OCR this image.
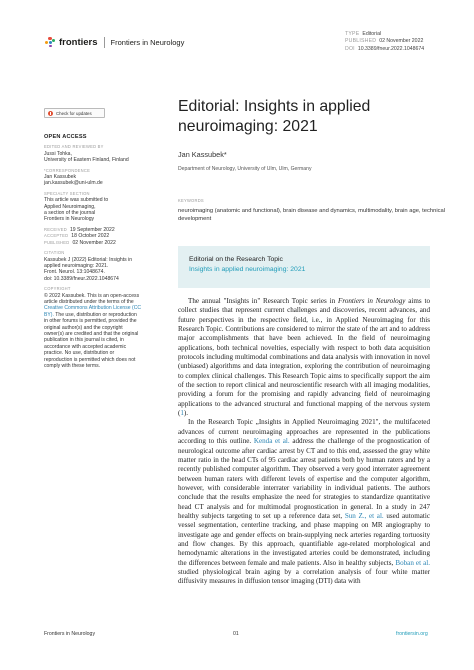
frontiers Frontiers in Neurology
TYPE Editorial
PUBLISHED 02 November 2022
DOI 10.3389/fneur.2022.1048674
Check for updates
OPEN ACCESS
EDITED AND REVIEWED BY
Jussi Tohka,
University of Eastern Finland, Finland
*CORRESPONDENCE
Jan Kassubek
jan.kassubek@uni-ulm.de
SPECIALTY SECTION
This article was submitted to
Applied Neuroimaging,
a section of the journal
Frontiers in Neurology
RECEIVED 19 September 2022
ACCEPTED 18 October 2022
PUBLISHED 02 November 2022
CITATION
Kassubek J (2022) Editorial: Insights in
applied neuroimaging: 2021.
Front. Neurol. 13:1048674.
doi: 10.3389/fneur.2022.1048674
COPYRIGHT
© 2022 Kassubek. This is an open-access article distributed under the terms of the Creative Commons Attribution License (CC BY). The use, distribution or reproduction in other forums is permitted, provided the original author(s) and the copyright owner(s) are credited and that the original publication in this journal is cited, in accordance with accepted academic practice. No use, distribution or reproduction is permitted which does not comply with these terms.
Editorial: Insights in applied neuroimaging: 2021
Jan Kassubek*
Department of Neurology, University of Ulm, Ulm, Germany
KEYWORDS
neuroimaging (anatomic and functional), brain disease and dynamics, multimodality, brain age, technical development
Editorial on the Research Topic
Insights in applied neuroimaging: 2021

The annual "Insights in" Research Topic series in Frontiers in Neurology aims to collect studies that represent current challenges and discoveries, recent advances, and future perspectives in the respective field, i.e., in Applied Neuroimaging for this Research Topic. Contributions are considered to mirror the state of the art and to address major accomplishments that have been achieved. In the field of neuroimaging applications, both technical novelties, especially with respect to both data acquisition protocols including multimodal combinations and data analysis with innovation in novel (unbiased) algorithms and data integration, exploring the contribution of neuroimaging to complex clinical challenges. This Research Topic aims to specifically support the aim of the section to report clinical and neuroscientific research with all imaging modalities, providing a forum for the promising and rapidly advancing field of neuroimaging applications to the advanced structural and functional mapping of the nervous system (1).

In the Research Topic „Insights in Applied Neuroimaging 2021", the multifaceted advances of current neuroimaging approaches are represented in the publications according to this outline. Kenda et al. address the challenge of the prognostication of neurological outcome after cardiac arrest by CT and to this end, assessed the gray white matter ratio in the head CTs of 95 cardiac arrest patients both by human raters and by a recently published computer algorithm. They observed a very good interrater agreement between human raters with different levels of expertise and the computer algorithm, however, with considerable interrater variability in individual patients. The authors conclude that the results emphasize the need for strategies to standardize quantitative head CT analysis and for multimodal prognostication in general. In a study in 247 healthy subjects targeting to set up a reference data set, Sun Z., et al. used automatic vessel segmentation, centerline tracking, and phase mapping on MR angiography to investigate age and gender effects on brain-supplying neck arteries regarding tortuosity and flow changes. By this approach, quantifiable age-related morphological and hemodynamic alterations in the investigated arteries could be demonstrated, including the differences between female and male patients. Also in healthy subjects, Boban et al. studied physiological brain aging by a correlation analysis of four white matter diffusivity measures in diffusion tensor imaging (DTI) data with

Frontiers in Neurology	01	frontiersin.org
